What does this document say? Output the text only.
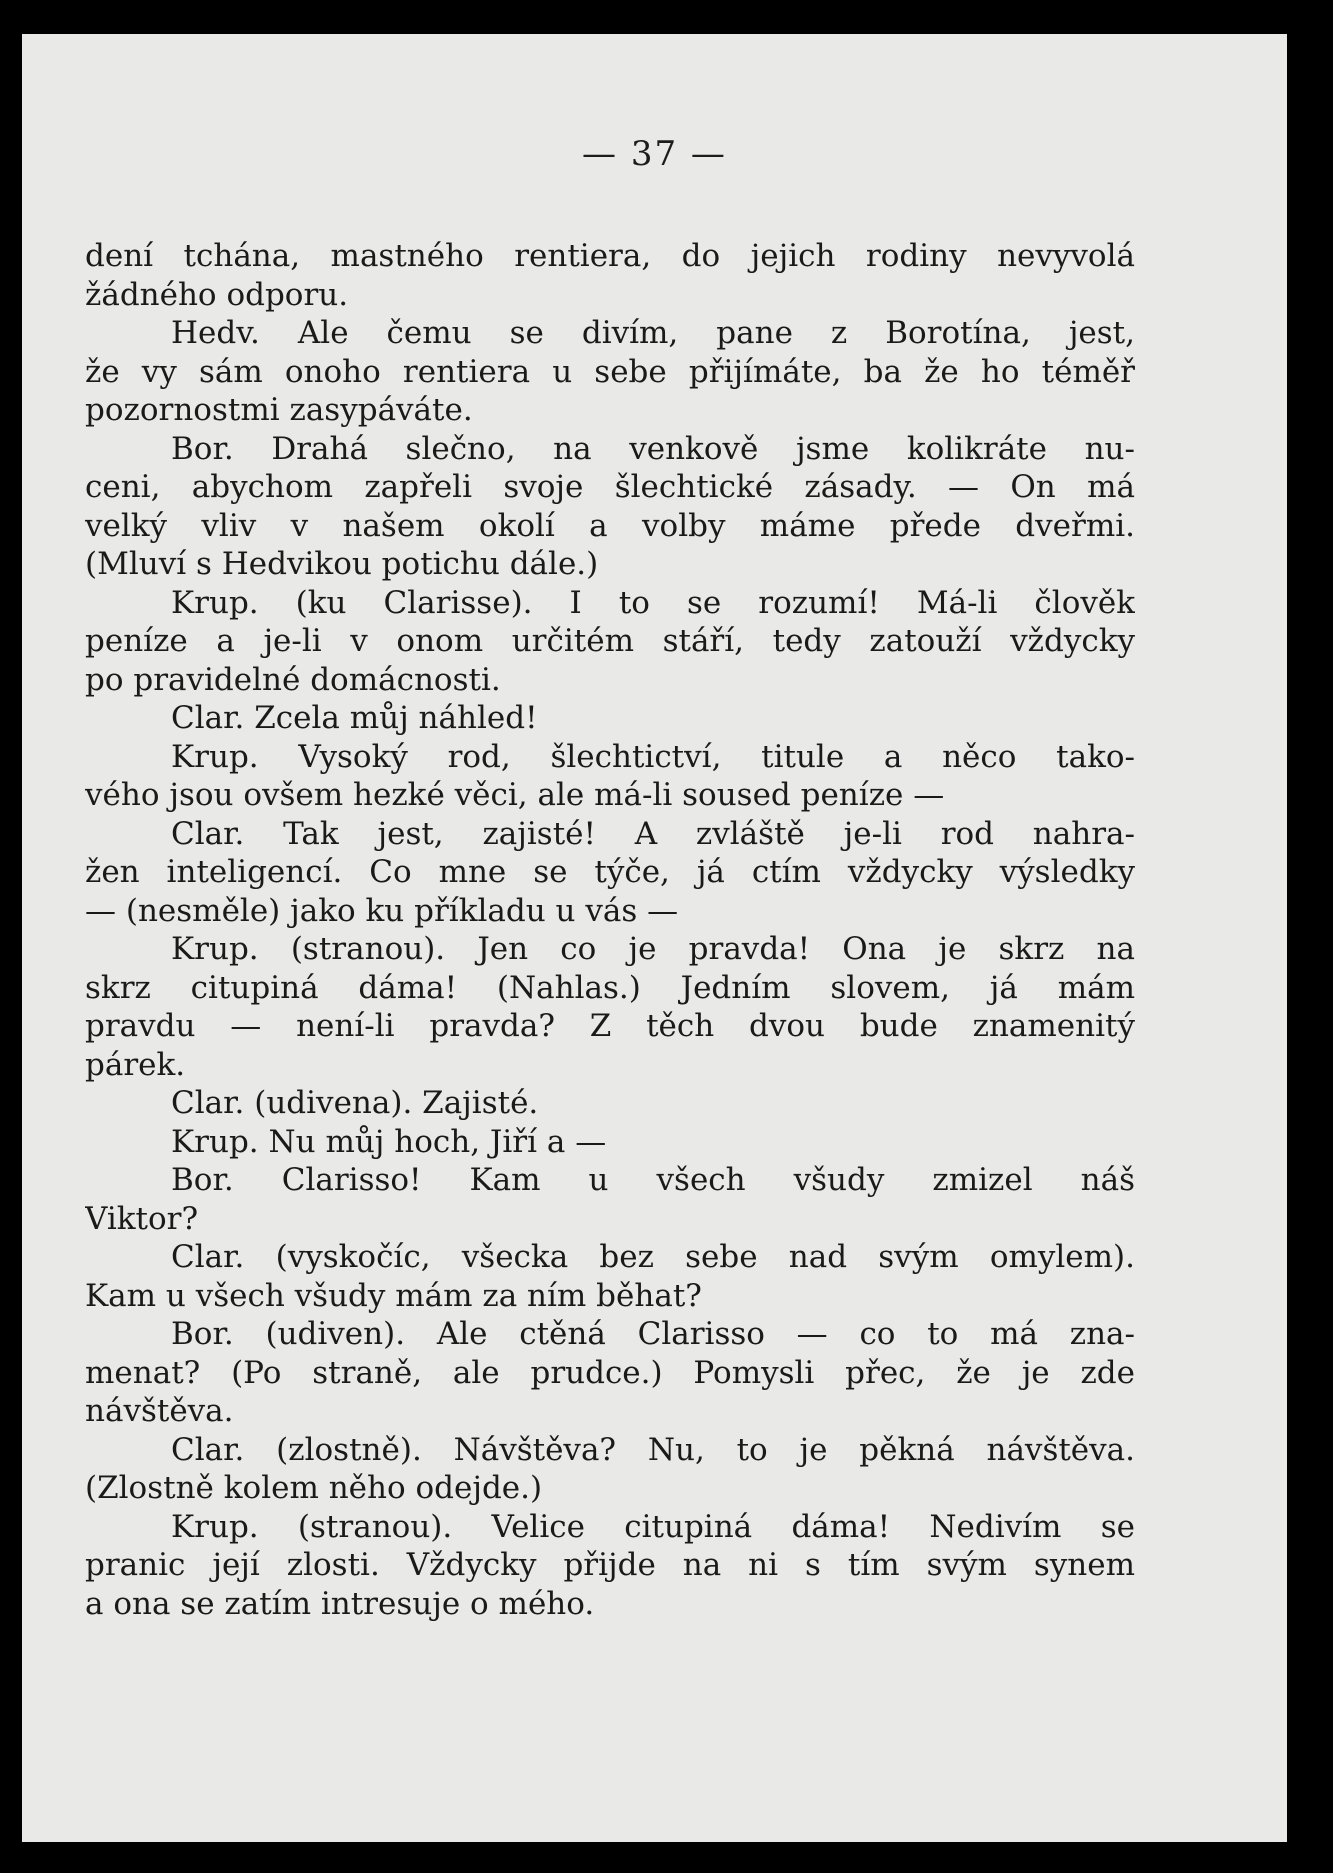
— 37 —
dení tchána, mastného rentiera, do jejich rodiny nevyvolá
žádného odporu.
Hedv. Ale čemu se divím, pane z Borotína, jest,
že vy sám onoho rentiera u sebe přijímáte, ba že ho téměř
pozornostmi zasypáváte.
Bor. Drahá slečno, na venkově jsme kolikráte nu-
ceni, abychom zapřeli svoje šlechtické zásady. — On má
velký vliv v našem okolí a volby máme přede dveřmi.
(Mluví s Hedvikou potichu dále.)
Krup. (ku Clarisse). I to se rozumí! Má-li člověk
peníze a je-li v onom určitém stáří, tedy zatouží vždycky
po pravidelné domácnosti.
Clar. Zcela můj náhled!
Krup. Vysoký rod, šlechtictví, titule a něco tako-
vého jsou ovšem hezké věci, ale má-li soused peníze —
Clar. Tak jest, zajisté! A zvláště je-li rod nahra-
žen inteligencí. Co mne se týče, já ctím vždycky výsledky
— (nesměle) jako ku příkladu u vás —
Krup. (stranou). Jen co je pravda! Ona je skrz na
skrz citupiná dáma! (Nahlas.) Jedním slovem, já mám
pravdu — není-li pravda? Z těch dvou bude znamenitý
párek.
Clar. (udivena). Zajisté.
Krup. Nu můj hoch, Jiří a —
Bor. Clarisso! Kam u všech všudy zmizel náš
Viktor?
Clar. (vyskočíc, všecka bez sebe nad svým omylem).
Kam u všech všudy mám za ním běhat?
Bor. (udiven). Ale ctěná Clarisso — co to má zna-
menat? (Po straně, ale prudce.) Pomysli přec, že je zde
návštěva.
Clar. (zlostně). Návštěva? Nu, to je pěkná návštěva.
(Zlostně kolem něho odejde.)
Krup. (stranou). Velice citupiná dáma! Nedivím se
pranic její zlosti. Vždycky přijde na ni s tím svým synem
a ona se zatím intresuje o mého.
